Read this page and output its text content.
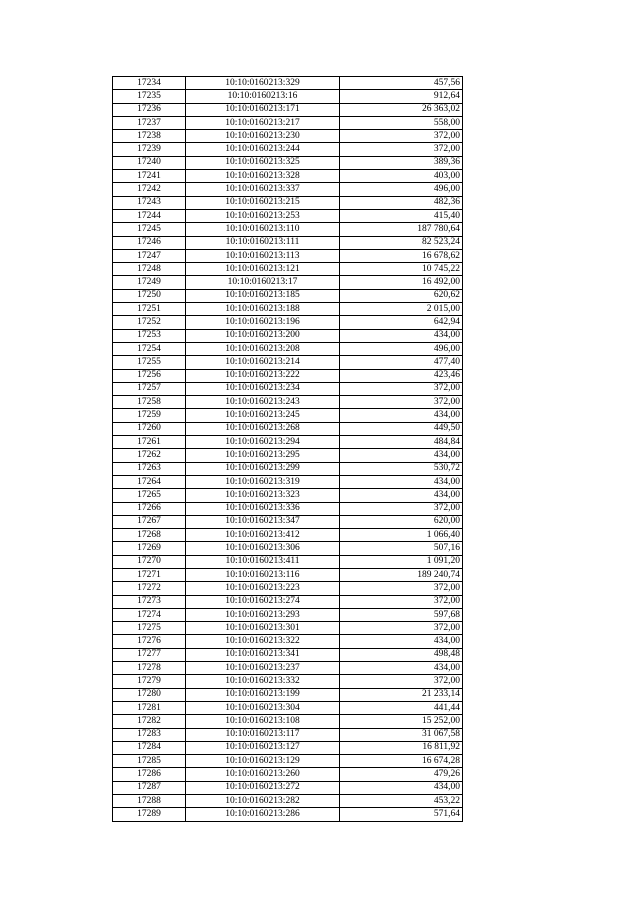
17234	10:10:0160213:329	457,56
17235	10:10:0160213:16	912,64
17236	10:10:0160213:171	26 363,02
17237	10:10:0160213:217	558,00
17238	10:10:0160213:230	372,00
17239	10:10:0160213:244	372,00
17240	10:10:0160213:325	389,36
17241	10:10:0160213:328	403,00
17242	10:10:0160213:337	496,00
17243	10:10:0160213:215	482,36
17244	10:10:0160213:253	415,40
17245	10:10:0160213:110	187 780,64
17246	10:10:0160213:111	82 523,24
17247	10:10:0160213:113	16 678,62
17248	10:10:0160213:121	10 745,22
17249	10:10:0160213:17	16 492,00
17250	10:10:0160213:185	620,62
17251	10:10:0160213:188	2 015,00
17252	10:10:0160213:196	642,94
17253	10:10:0160213:200	434,00
17254	10:10:0160213:208	496,00
17255	10:10:0160213:214	477,40
17256	10:10:0160213:222	423,46
17257	10:10:0160213:234	372,00
17258	10:10:0160213:243	372,00
17259	10:10:0160213:245	434,00
17260	10:10:0160213:268	449,50
17261	10:10:0160213:294	484,84
17262	10:10:0160213:295	434,00
17263	10:10:0160213:299	530,72
17264	10:10:0160213:319	434,00
17265	10:10:0160213:323	434,00
17266	10:10:0160213:336	372,00
17267	10:10:0160213:347	620,00
17268	10:10:0160213:412	1 066,40
17269	10:10:0160213:306	507,16
17270	10:10:0160213:411	1 091,20
17271	10:10:0160213:116	189 240,74
17272	10:10:0160213:223	372,00
17273	10:10:0160213:274	372,00
17274	10:10:0160213:293	597,68
17275	10:10:0160213:301	372,00
17276	10:10:0160213:322	434,00
17277	10:10:0160213:341	498,48
17278	10:10:0160213:237	434,00
17279	10:10:0160213:332	372,00
17280	10:10:0160213:199	21 233,14
17281	10:10:0160213:304	441,44
17282	10:10:0160213:108	15 252,00
17283	10:10:0160213:117	31 067,58
17284	10:10:0160213:127	16 811,92
17285	10:10:0160213:129	16 674,28
17286	10:10:0160213:260	479,26
17287	10:10:0160213:272	434,00
17288	10:10:0160213:282	453,22
17289	10:10:0160213:286	571,64
